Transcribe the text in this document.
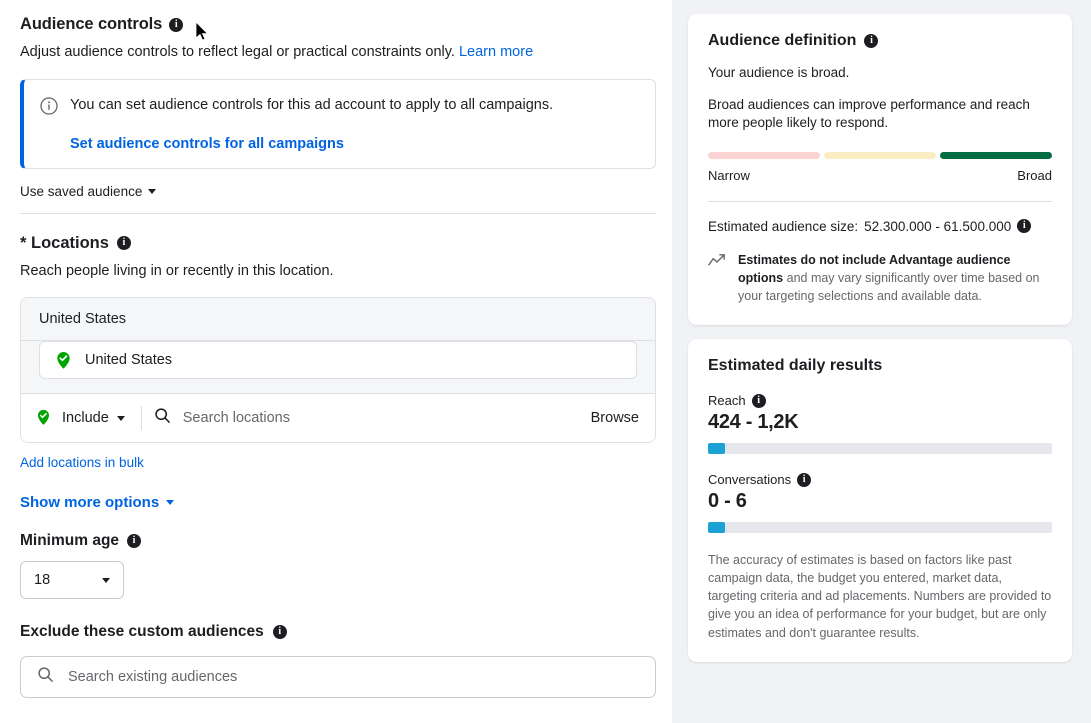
Audience controls	i
Adjust audience controls to reflect legal or practical constraints only. Learn more
You can set audience controls for this ad account to apply to all campaigns.
Set audience controls for all campaigns
Use saved audience
* Locations	i
Reach people living in or recently in this location.
United States
United States
Include
Search locations	Browse
Add locations in bulk
Show more options
Minimum age	i
18
Exclude these custom audiences	i
Search existing audiences
Audience definition	i
Your audience is broad.
Broad audiences can improve performance and reach more people likely to respond.
Narrow	Broad
Estimated audience size: 52.300.000 - 61.500.000	i
Estimates do not include Advantage audience options and may vary significantly over time based on your targeting selections and available data.
Estimated daily results
Reach	i
424 - 1,2K
Conversations	i
0 - 6
The accuracy of estimates is based on factors like past campaign data, the budget you entered, market data, targeting criteria and ad placements. Numbers are provided to give you an idea of performance for your budget, but are only estimates and don't guarantee results.
